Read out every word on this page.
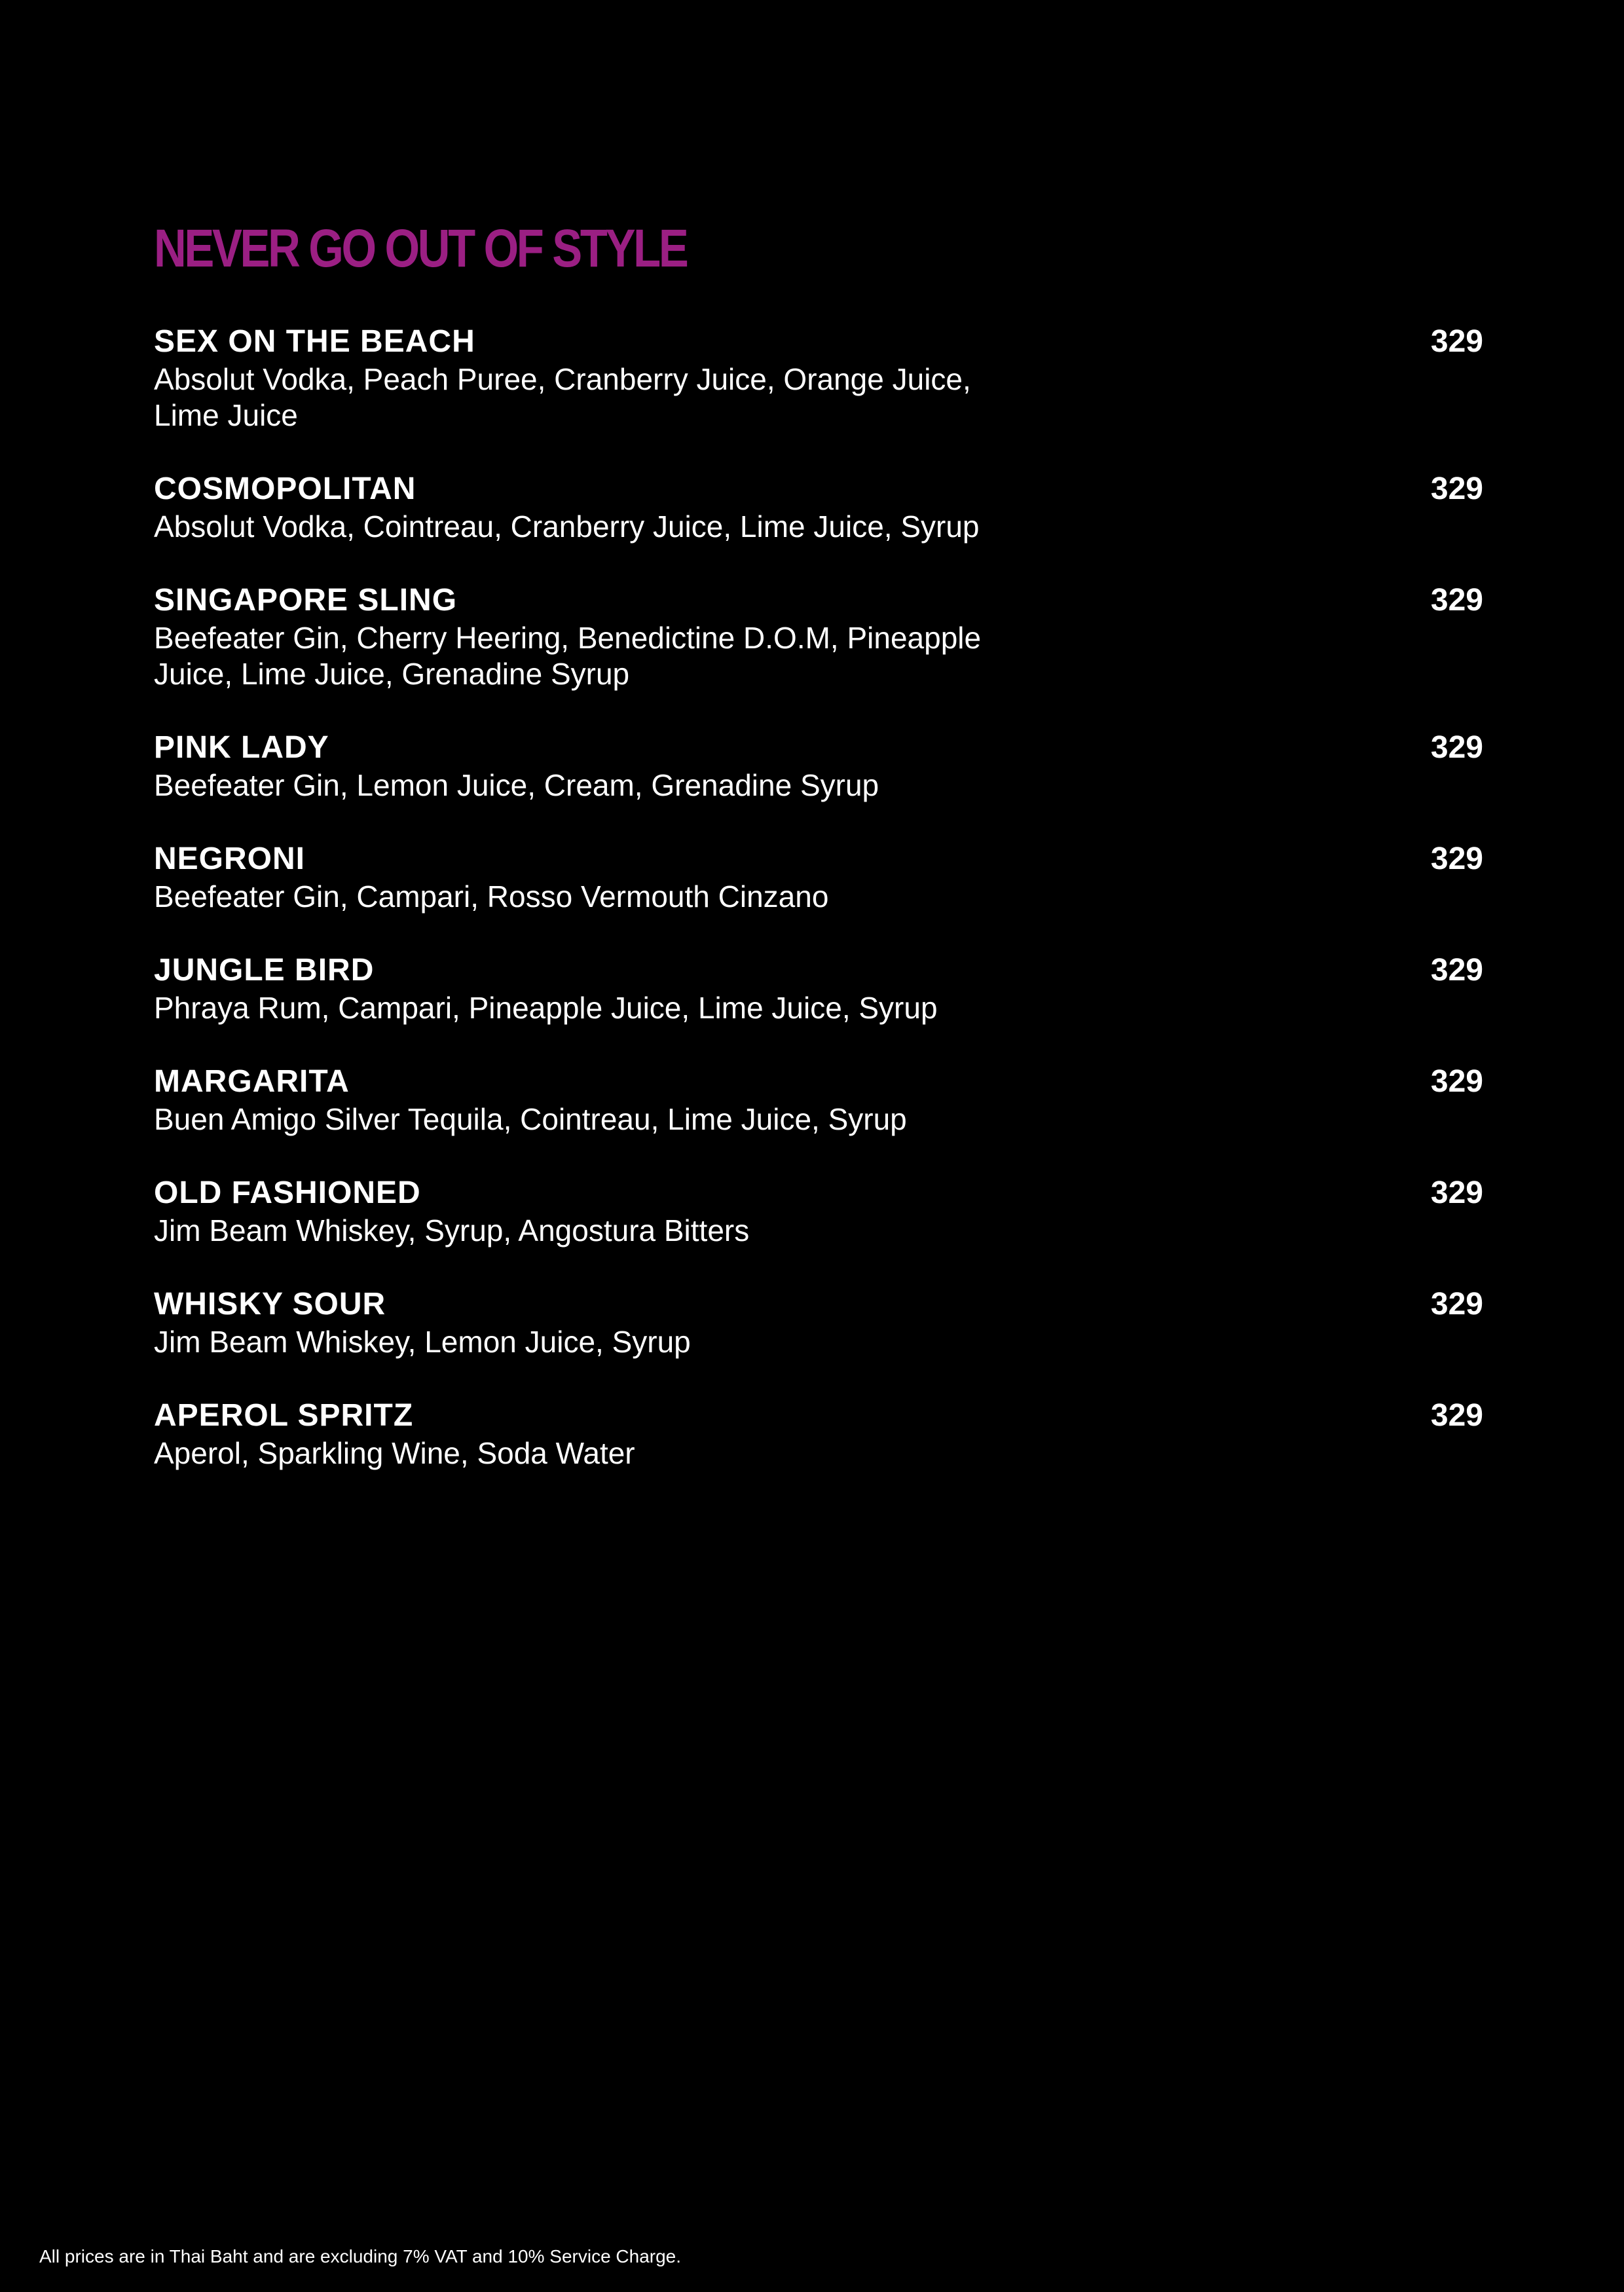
NEVER GO OUT OF STYLE
SEX ON THE BEACH	329
Absolut Vodka, Peach Puree, Cranberry Juice, Orange Juice, Lime Juice
COSMOPOLITAN	329
Absolut Vodka, Cointreau, Cranberry Juice, Lime Juice, Syrup
SINGAPORE SLING	329
Beefeater Gin, Cherry Heering, Benedictine D.O.M, Pineapple Juice, Lime Juice, Grenadine Syrup
PINK LADY	329
Beefeater Gin, Lemon Juice, Cream, Grenadine Syrup
NEGRONI	329
Beefeater Gin, Campari, Rosso Vermouth Cinzano
JUNGLE BIRD	329
Phraya Rum, Campari, Pineapple Juice, Lime Juice, Syrup
MARGARITA	329
Buen Amigo Silver Tequila, Cointreau, Lime Juice, Syrup
OLD FASHIONED	329
Jim Beam Whiskey, Syrup, Angostura Bitters
WHISKY SOUR	329
Jim Beam Whiskey, Lemon Juice, Syrup
APEROL SPRITZ	329
Aperol, Sparkling Wine, Soda Water
All prices are in Thai Baht and are excluding 7% VAT and 10% Service Charge.
